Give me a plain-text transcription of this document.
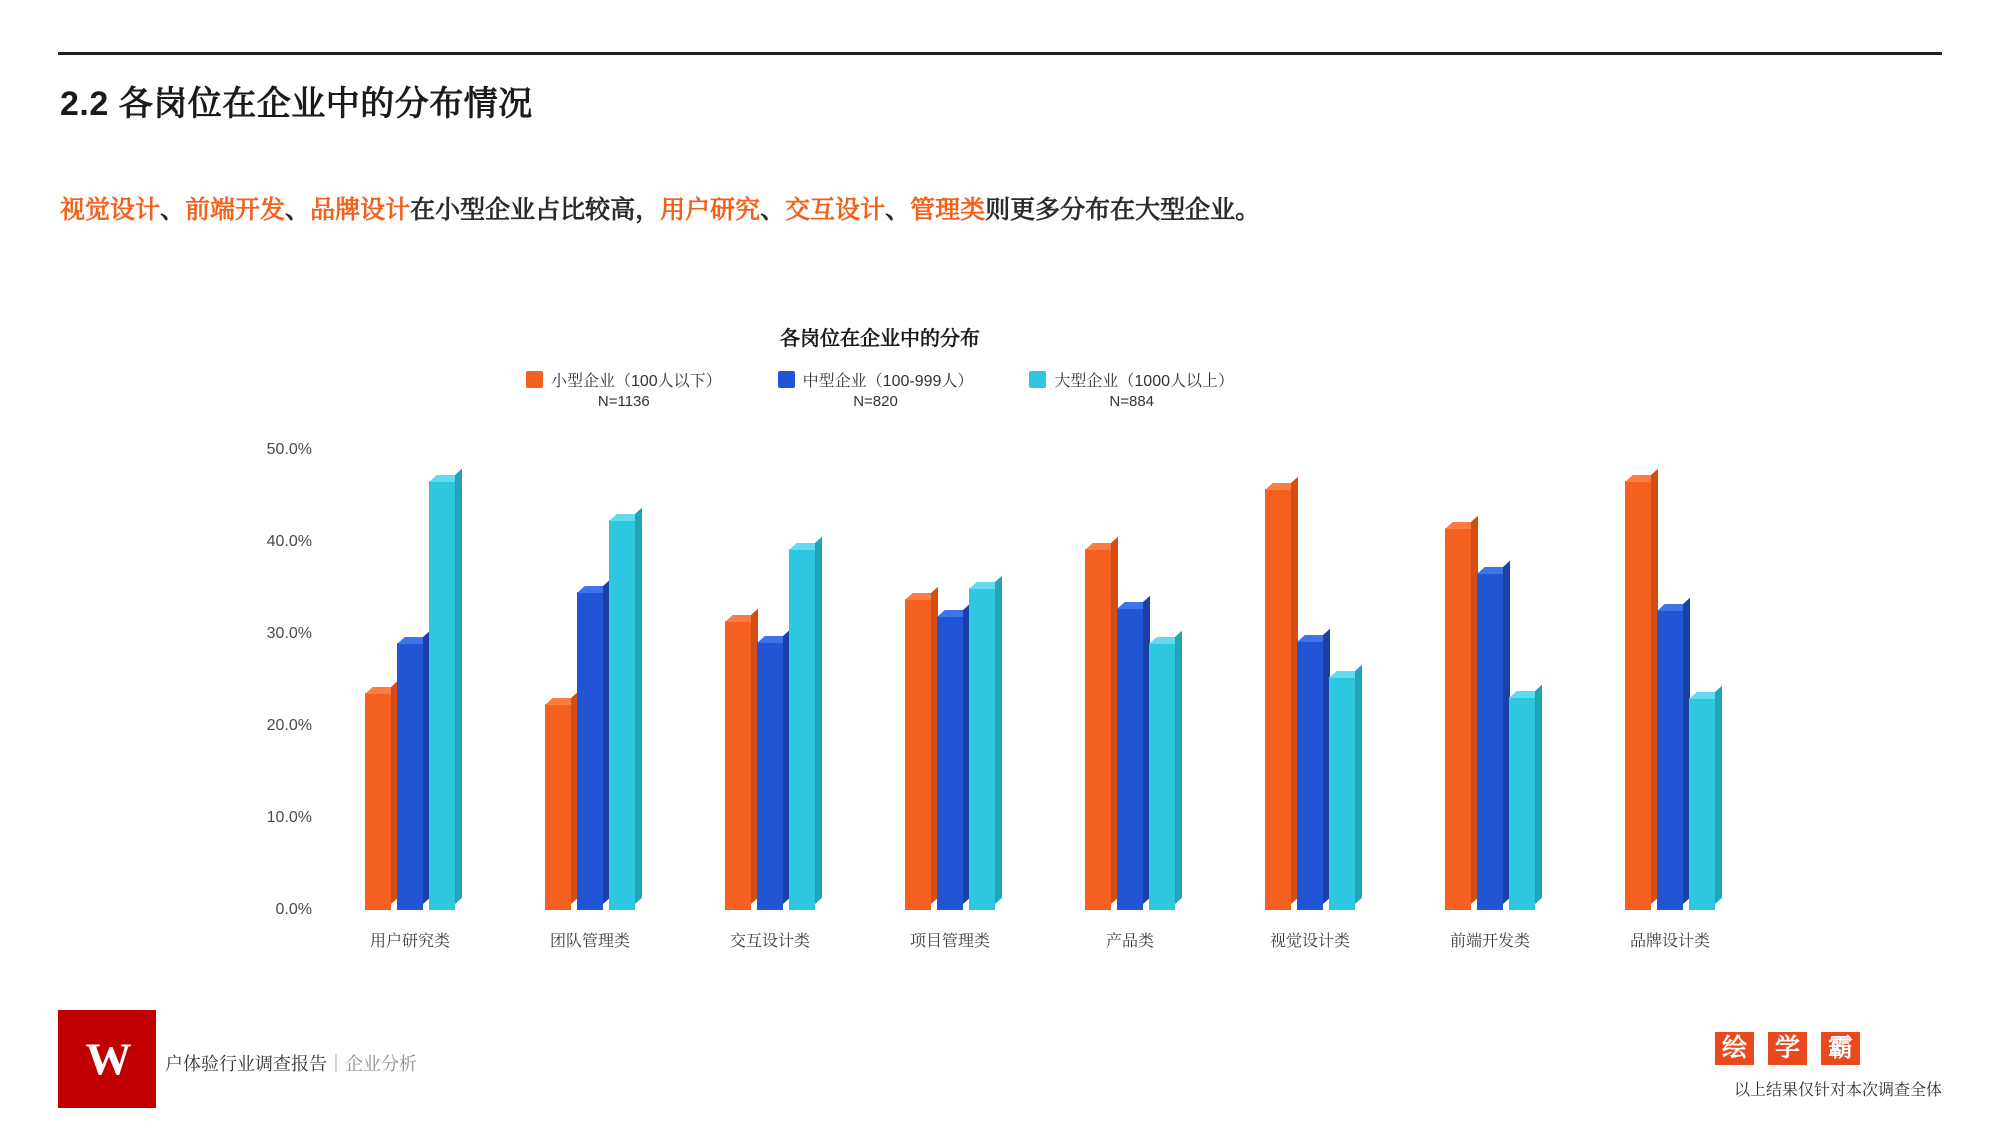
2.2 各岗位在企业中的分布情况
视觉设计、前端开发、品牌设计在小型企业占比较高，用户研究、交互设计、管理类则更多分布在大型企业。
各岗位在企业中的分布
小型企业（100人以下）
N=1136
中型企业（100-999人）
N=820
大型企业（1000人以上）
N=884
0.0%
10.0%
20.0%
30.0%
40.0%
50.0%
用户研究类	团队管理类	交互设计类	项目管理类	产品类	视觉设计类	前端开发类	品牌设计类
W 户体验行业调查报告｜企业分析
绘 学 霸
以上结果仅针对本次调查全体
